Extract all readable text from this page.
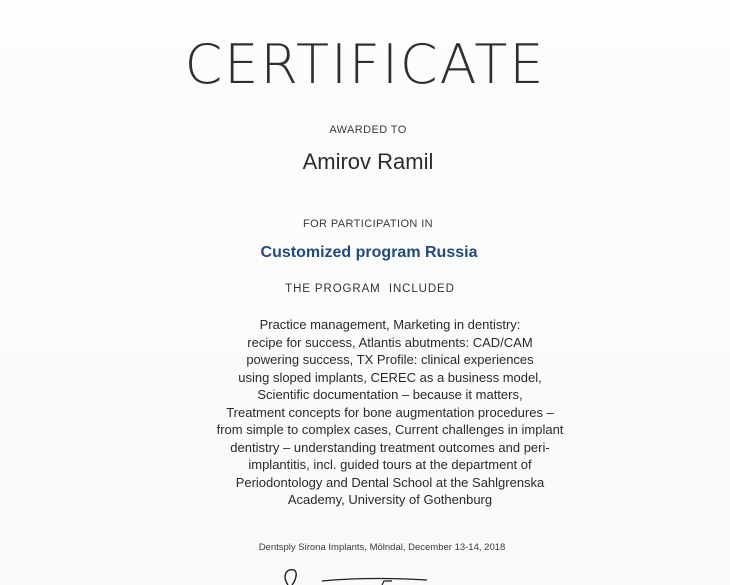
CERTIFICATE
AWARDED TO
Amirov Ramil
FOR PARTICIPATION IN
Customized program Russia
THE PROGRAM  INCLUDED
Practice management, Marketing in dentistry:
recipe for success, Atlantis abutments: CAD/CAM
powering success, TX Profile: clinical experiences
using sloped implants, CEREC as a business model,
Scientific documentation – because it matters,
Treatment concepts for bone augmentation procedures –
from simple to complex cases, Current challenges in implant
dentistry – understanding treatment outcomes and peri-
implantitis, incl. guided tours at the department of
Periodontology and Dental School at the Sahlgrenska
Academy, University of Gothenburg
Dentsply Sirona Implants, Mölndal, December 13-14, 2018
